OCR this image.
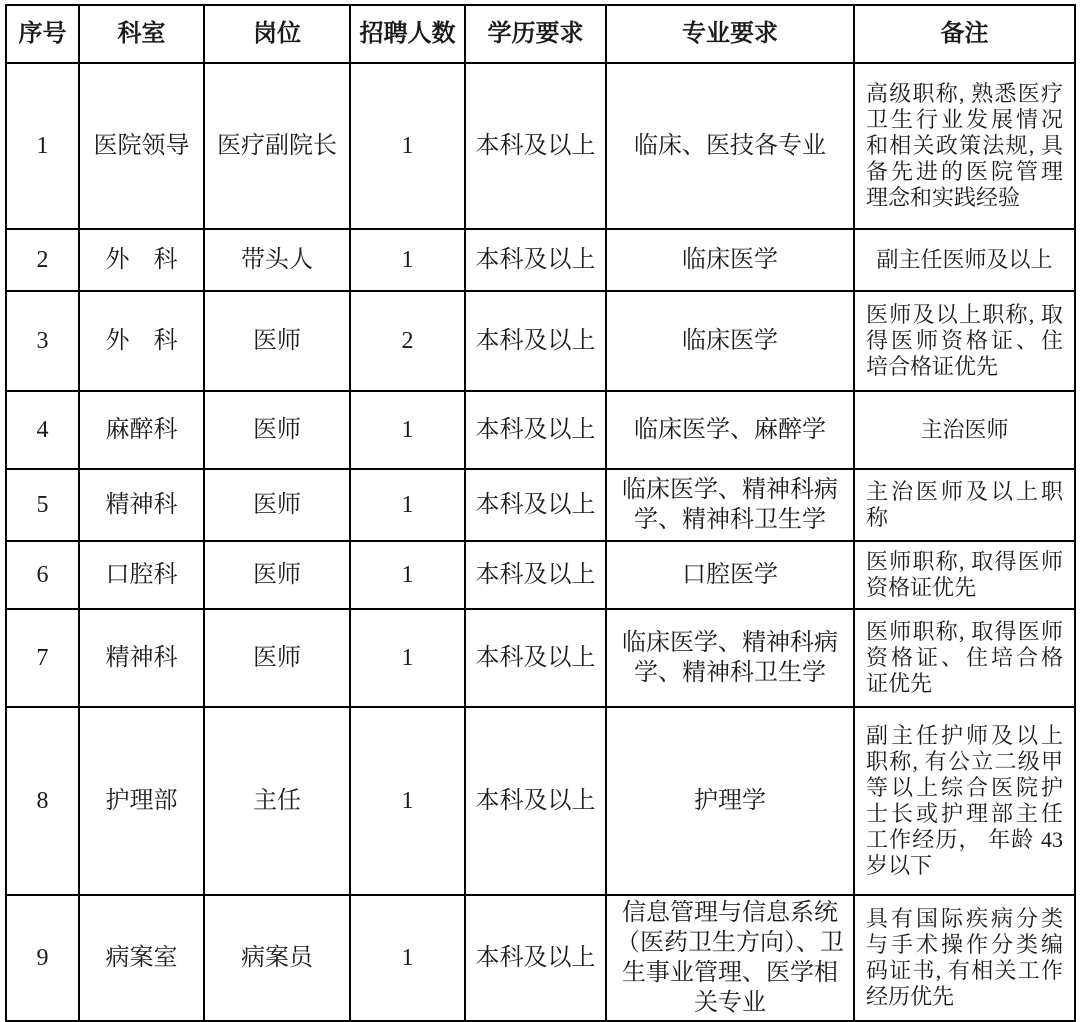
序号	科室	岗位	招聘人数	学历要求	专业要求	备注
1	医院领导	医疗副院长	1	本科及以上	临床、医技各专业	高级职称, 熟悉医疗卫生行业发展情况和相关政策法规, 具备先进的医院管理理念和实践经验
2	外　科	带头人	1	本科及以上	临床医学	副主任医师及以上
3	外　科	医师	2	本科及以上	临床医学	医师及以上职称, 取得医师资格证、住培合格证优先
4	麻醉科	医师	1	本科及以上	临床医学、麻醉学	主治医师
5	精神科	医师	1	本科及以上	临床医学、精神科病学、精神科卫生学	主治医师及以上职称
6	口腔科	医师	1	本科及以上	口腔医学	医师职称, 取得医师资格证优先
7	精神科	医师	1	本科及以上	临床医学、精神科病学、精神科卫生学	医师职称, 取得医师资格证、住培合格证优先
8	护理部	主任	1	本科及以上	护理学	副主任护师及以上职称, 有公立二级甲等以上综合医院护士长或护理部主任工作经历， 年龄 43 岁以下
9	病案室	病案员	1	本科及以上	信息管理与信息系统（医药卫生方向）、卫生事业管理、医学相关专业	具有国际疾病分类与手术操作分类编码证书, 有相关工作经历优先
